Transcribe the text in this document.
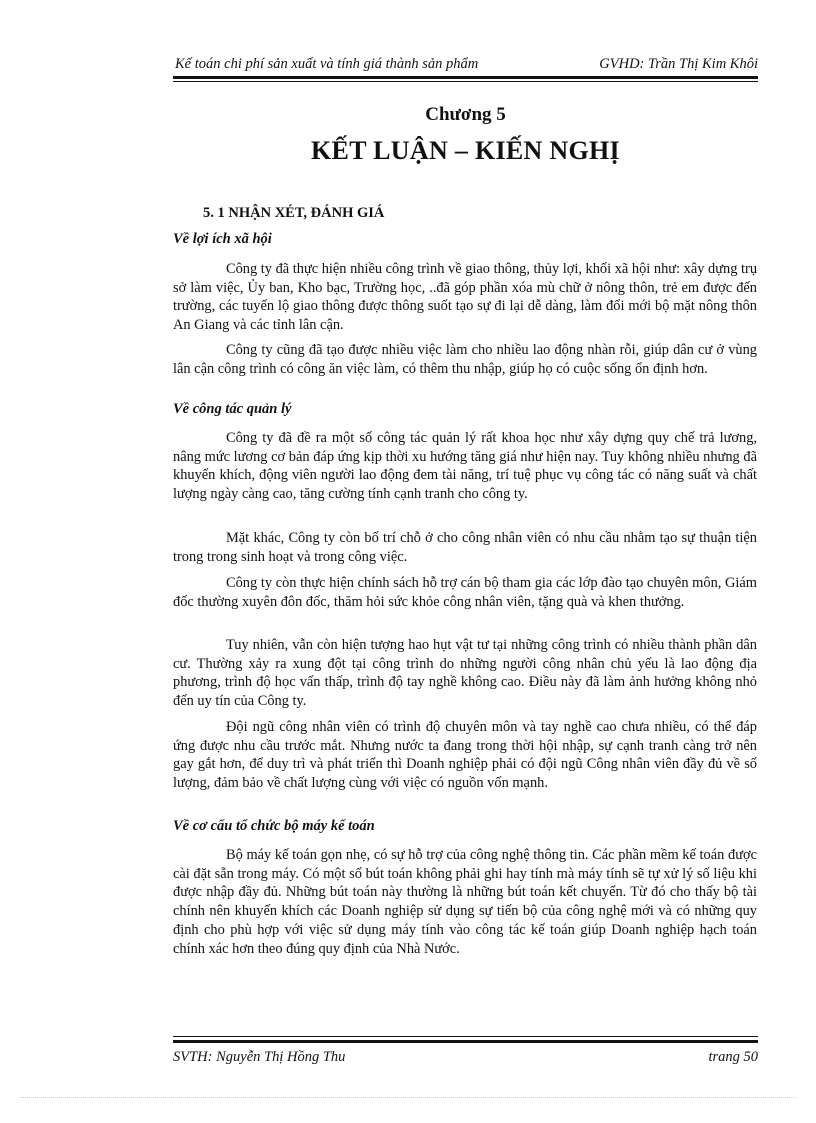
Kế toán chi phí sản xuất và tính giá thành sản phẩm	GVHD: Trần Thị Kim Khôi
Chương 5
KẾT LUẬN – KIẾN NGHỊ
5. 1 NHẬN XÉT, ĐÁNH GIÁ
Về lợi ích xã hội

Công ty đã thực hiện nhiều công trình về giao thông, thủy lợi, khối xã hội như: xây dựng trụ sở làm việc, Ủy ban, Kho bạc, Trường học, ..đã góp phần xóa mù chữ ở nông thôn, trẻ em được đến trường, các tuyến lộ giao thông được thông suốt tạo sự đi lại dễ dàng, làm đổi mới bộ mặt nông thôn An Giang và các tỉnh lân cận.

Công ty cũng đã tạo được nhiều việc làm cho nhiều lao động nhàn rỗi, giúp dân cư ở vùng lân cận công trình có công ăn việc làm, có thêm thu nhập, giúp họ có cuộc sống ổn định hơn.

Về công tác quản lý

Công ty đã đề ra một số công tác quản lý rất khoa học như xây dựng quy chế trả lương, nâng mức lương cơ bản đáp ứng kịp thời xu hướng tăng giá như hiện nay. Tuy không nhiều nhưng đã khuyến khích, động viên người lao động đem tài năng, trí tuệ phục vụ công tác có năng suất và chất lượng ngày càng cao, tăng cường tính cạnh tranh cho công ty.

Mặt khác, Công ty còn bố trí chỗ ở cho công nhân viên có nhu cầu nhằm tạo sự thuận tiện trong trong sinh hoạt và trong công việc.

Công ty còn thực hiện chính sách hỗ trợ cán bộ tham gia các lớp đào tạo chuyên môn, Giám đốc thường xuyên đôn đốc, thăm hỏi sức khỏe công nhân viên, tặng quà và khen thưởng.

Tuy nhiên, vẫn còn hiện tượng hao hụt vật tư tại những công trình có nhiều thành phần dân cư. Thường xảy ra xung đột tại công trình do những người công nhân chủ yếu là lao động địa phương, trình độ học vấn thấp, trình độ tay nghề không cao. Điều này đã làm ảnh hưởng không nhỏ đến uy tín của Công ty.

Đội ngũ công nhân viên có trình độ chuyên môn và tay nghề cao chưa nhiều, có thể đáp ứng được nhu cầu trước mắt. Nhưng nước ta đang trong thời hội nhập, sự cạnh tranh càng trở nên gay gắt hơn, để duy trì và phát triển thì Doanh nghiệp phải có đội ngũ Công nhân viên đầy đủ về số lượng, đảm bảo về chất lượng cùng với việc có nguồn vốn mạnh.

Về cơ cấu tổ chức bộ máy kế toán

Bộ máy kế toán gọn nhẹ, có sự hỗ trợ của công nghệ thông tin. Các phần mềm kế toán được cài đặt sẵn trong máy. Có một số bút toán không phải ghi hay tính mà máy tính sẽ tự xử lý số liệu khi được nhập đầy đủ. Những bút toán này thường là những bút toán kết chuyển. Từ đó cho thấy bộ tài chính nên khuyến khích các Doanh nghiệp sử dụng sự tiến bộ của công nghệ mới và có những quy định cho phù hợp với việc sử dụng máy tính vào công tác kế toán giúp Doanh nghiệp hạch toán chính xác hơn theo đúng quy định của Nhà Nước.

SVTH: Nguyễn Thị Hồng Thu	trang 50
